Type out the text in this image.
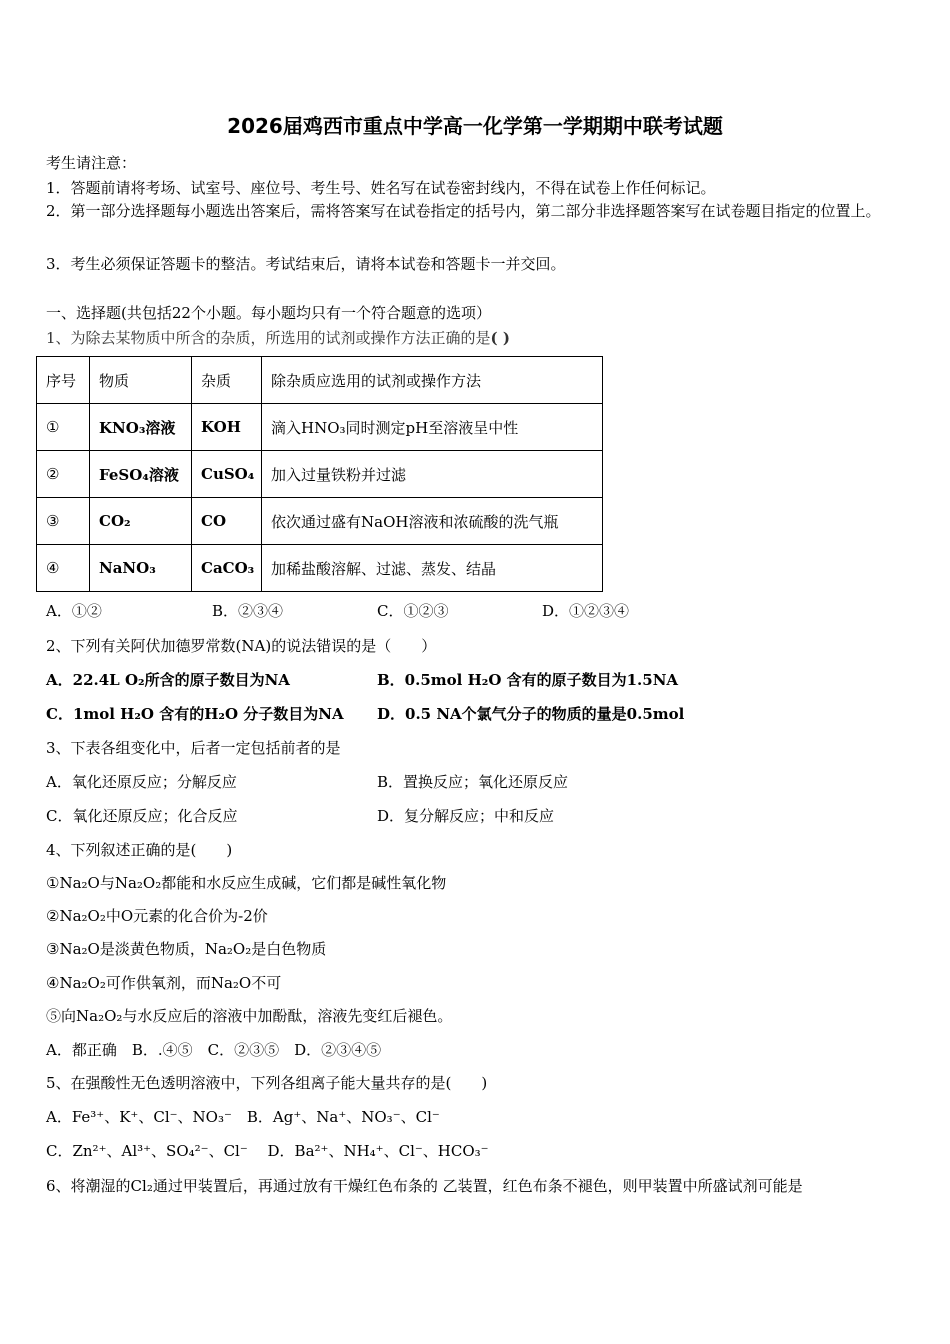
2026届鸡西市重点中学高一化学第一学期期中联考试题
考生请注意：
1．答题前请将考场、试室号、座位号、考生号、姓名写在试卷密封线内，不得在试卷上作任何标记。
2．第一部分选择题每小题选出答案后，需将答案写在试卷指定的括号内，第二部分非选择题答案写在试卷题目指定的位置上。
3．考生必须保证答题卡的整洁。考试结束后，请将本试卷和答题卡一并交回。
一、选择题(共包括22个小题。每小题均只有一个符合题意的选项）
1、为除去某物质中所含的杂质，所选用的试剂或操作方法正确的是( )
序号	物质	杂质	除杂质应选用的试剂或操作方法
①	KNO₃溶液	KOH	滴入HNO₃同时测定pH至溶液呈中性
②	FeSO₄溶液	CuSO₄	加入过量铁粉并过滤
③	CO₂	CO	依次通过盛有NaOH溶液和浓硫酸的洗气瓶
④	NaNO₃	CaCO₃	加稀盐酸溶解、过滤、蒸发、结晶
A．①②	B．②③④	C．①②③	D．①②③④
2、下列有关阿伏加德罗常数(NA)的说法错误的是（　　）
A．22.4L O₂所含的原子数目为NA	B．0.5mol H₂O 含有的原子数目为1.5NA
C．1mol H₂O 含有的H₂O 分子数目为NA D．0.5 NA个氯气分子的物质的量是0.5mol
3、下表各组变化中，后者一定包括前者的是
A．氧化还原反应；分解反应	B．置换反应；氧化还原反应
C．氧化还原反应；化合反应	D．复分解反应；中和反应
4、下列叙述正确的是(　　)
①Na₂O与Na₂O₂都能和水反应生成碱，它们都是碱性氧化物
②Na₂O₂中O元素的化合价为-2价
③Na₂O是淡黄色物质，Na₂O₂是白色物质
④Na₂O₂可作供氧剂，而Na₂O不可
⑤向Na₂O₂与水反应后的溶液中加酚酞，溶液先变红后褪色。
A．都正确　B．.④⑤　C．②③⑤　D．②③④⑤
5、在强酸性无色透明溶液中，下列各组离子能大量共存的是(　　)
A．Fe³⁺、K⁺、Cl⁻、NO₃⁻　B．Ag⁺、Na⁺、NO₃⁻、Cl⁻
C．Zn²⁺、Al³⁺、SO₄²⁻、Cl⁻　 D．Ba²⁺、NH₄⁺、Cl⁻、HCO₃⁻
6、将潮湿的Cl₂通过甲装置后，再通过放有干燥红色布条的 乙装置，红色布条不褪色，则甲装置中所盛试剂可能是
